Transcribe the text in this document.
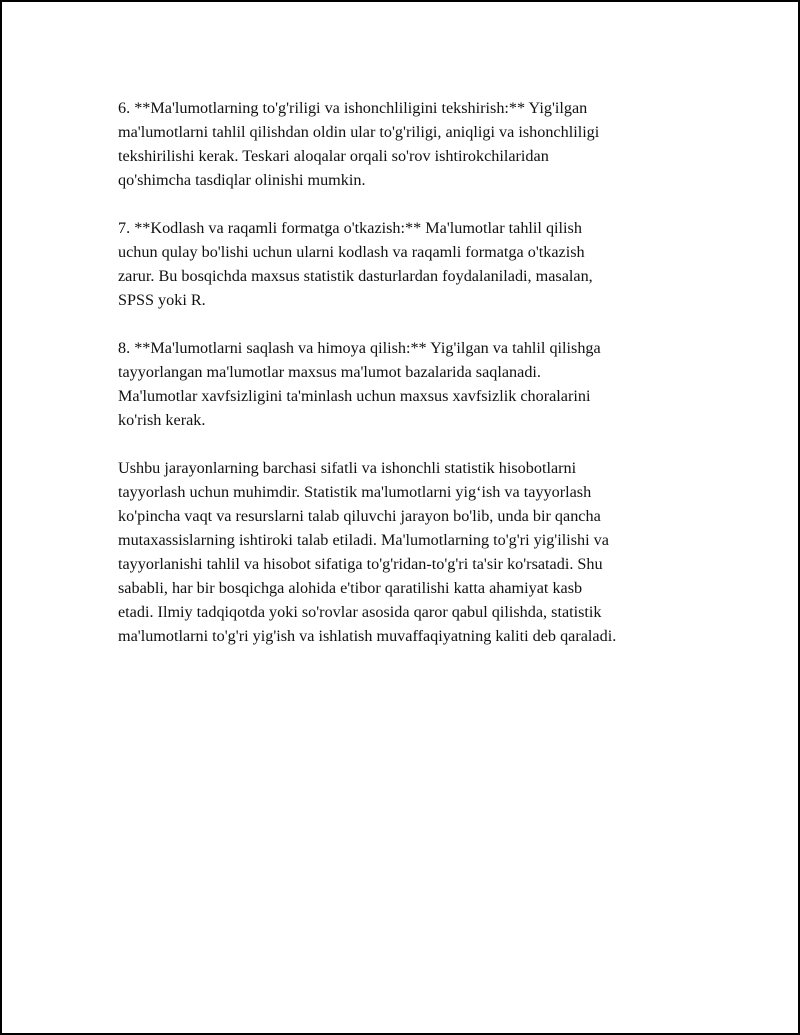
6. **Ma'lumotlarning to'g'riligi va ishonchliligini tekshirish:** Yig'ilgan
ma'lumotlarni tahlil qilishdan oldin ular to'g'riligi, aniqligi va ishonchliligi
tekshirilishi kerak. Teskari aloqalar orqali so'rov ishtirokchilaridan
qo'shimcha tasdiqlar olinishi mumkin.

7. **Kodlash va raqamli formatga o'tkazish:** Ma'lumotlar tahlil qilish
uchun qulay bo'lishi uchun ularni kodlash va raqamli formatga o'tkazish
zarur. Bu bosqichda maxsus statistik dasturlardan foydalaniladi, masalan,
SPSS yoki R.

8. **Ma'lumotlarni saqlash va himoya qilish:** Yig'ilgan va tahlil qilishga
tayyorlangan ma'lumotlar maxsus ma'lumot bazalarida saqlanadi.
Ma'lumotlar xavfsizligini ta'minlash uchun maxsus xavfsizlik choralarini
ko'rish kerak.

Ushbu jarayonlarning barchasi sifatli va ishonchli statistik hisobotlarni
tayyorlash uchun muhimdir. Statistik ma'lumotlarni yig‘ish va tayyorlash
ko'pincha vaqt va resurslarni talab qiluvchi jarayon bo'lib, unda bir qancha
mutaxassislarning ishtiroki talab etiladi. Ma'lumotlarning to'g'ri yig'ilishi va
tayyorlanishi tahlil va hisobot sifatiga to'g'ridan-to'g'ri ta'sir ko'rsatadi. Shu
sababli, har bir bosqichga alohida e'tibor qaratilishi katta ahamiyat kasb
etadi. Ilmiy tadqiqotda yoki so'rovlar asosida qaror qabul qilishda, statistik
ma'lumotlarni to'g'ri yig'ish va ishlatish muvaffaqiyatning kaliti deb qaraladi.
